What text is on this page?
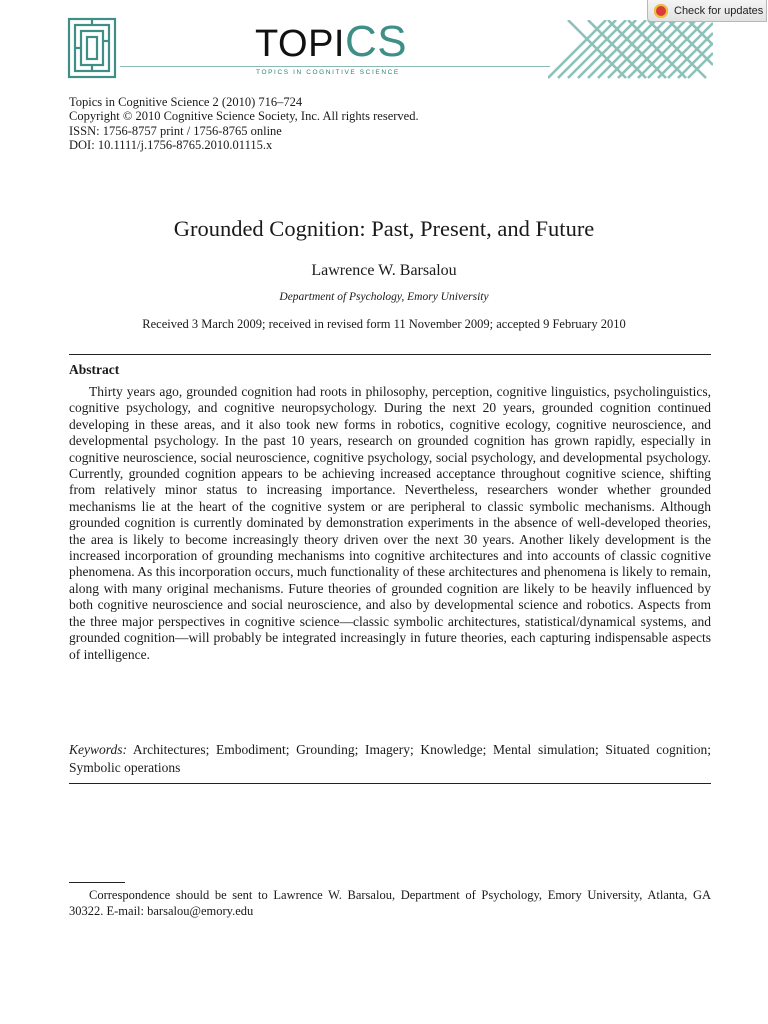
TOPICS
TOPICS IN COGNITIVE SCIENCE
Check for updates
Topics in Cognitive Science 2 (2010) 716–724
Copyright © 2010 Cognitive Science Society, Inc. All rights reserved.
ISSN: 1756-8757 print / 1756-8765 online
DOI: 10.1111/j.1756-8765.2010.01115.x
Grounded Cognition: Past, Present, and Future
Lawrence W. Barsalou
Department of Psychology, Emory University
Received 3 March 2009; received in revised form 11 November 2009; accepted 9 February 2010
Abstract
Thirty years ago, grounded cognition had roots in philosophy, perception, cognitive linguistics, psycholinguistics, cognitive psychology, and cognitive neuropsychology. During the next 20 years, grounded cognition continued developing in these areas, and it also took new forms in robotics, cognitive ecology, cognitive neuroscience, and developmental psychology. In the past 10 years, research on grounded cognition has grown rapidly, especially in cognitive neuroscience, social neuroscience, cognitive psychology, social psychology, and developmental psychology. Currently, grounded cognition appears to be achieving increased acceptance throughout cognitive science, shifting from relatively minor status to increasing importance. Nevertheless, researchers wonder whether grounded mechanisms lie at the heart of the cognitive system or are peripheral to classic symbolic mechanisms. Although grounded cognition is currently dominated by demonstration experiments in the absence of well-developed theories, the area is likely to become increasingly theory driven over the next 30 years. Another likely development is the increased incorporation of grounding mechanisms into cognitive architectures and into accounts of classic cognitive phenomena. As this incorporation occurs, much functionality of these architectures and phenomena is likely to remain, along with many original mechanisms. Future theories of grounded cognition are likely to be heavily influenced by both cognitive neuroscience and social neuroscience, and also by developmental science and robotics. Aspects from the three major perspectives in cognitive science—classic symbolic architectures, statistical/dynamical systems, and grounded cognition—will probably be integrated increasingly in future theories, each capturing indispensable aspects of intelligence.
Keywords: Architectures; Embodiment; Grounding; Imagery; Knowledge; Mental simulation; Situated cognition; Symbolic operations
Correspondence should be sent to Lawrence W. Barsalou, Department of Psychology, Emory University, Atlanta, GA 30322. E-mail: barsalou@emory.edu
